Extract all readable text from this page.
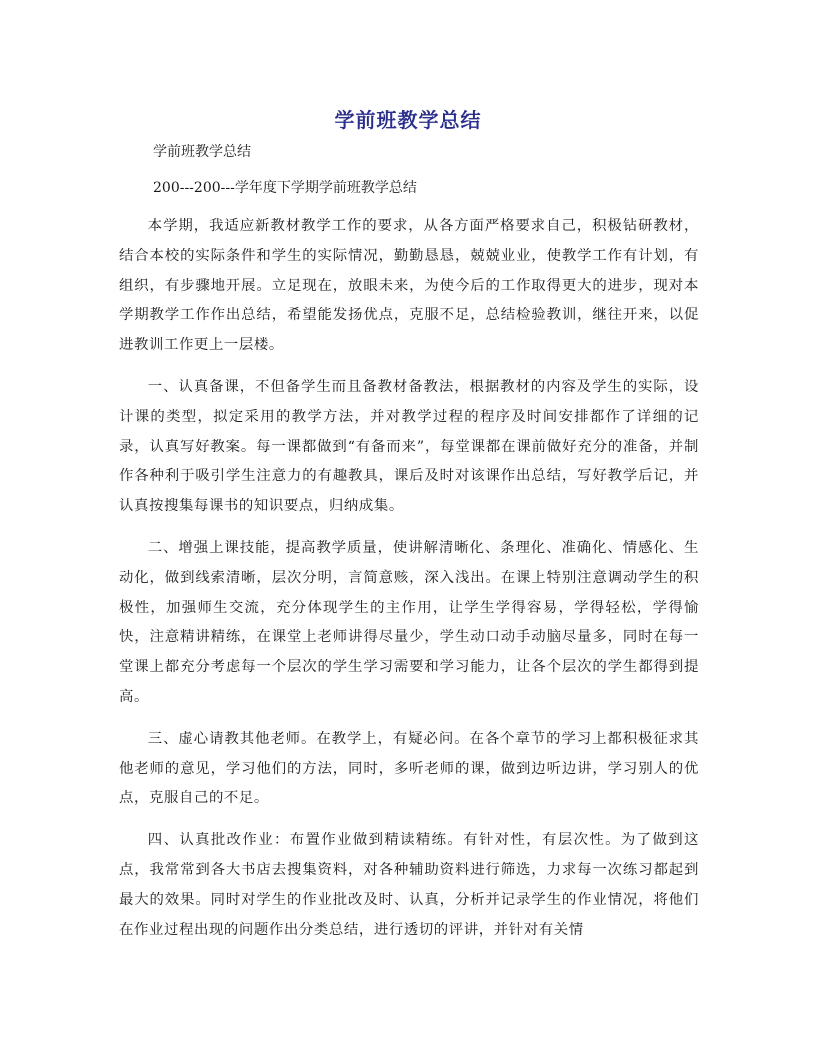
学前班教学总结

学前班教学总结

200---200---学年度下学期学前班教学总结

本学期，我适应新教材教学工作的要求，从各方面严格要求自己，积极钻研教材，结合本校的实际条件和学生的实际情况，勤勤恳恳，兢兢业业，使教学工作有计划，有组织，有步骤地开展。立足现在，放眼未来，为使今后的工作取得更大的进步，现对本学期教学工作作出总结，希望能发扬优点，克服不足，总结检验教训，继往开来，以促进教训工作更上一层楼。

一、认真备课，不但备学生而且备教材备教法，根据教材的内容及学生的实际，设计课的类型，拟定采用的教学方法，并对教学过程的程序及时间安排都作了详细的记录，认真写好教案。每一课都做到“有备而来”，每堂课都在课前做好充分的准备，并制作各种利于吸引学生注意力的有趣教具，课后及时对该课作出总结，写好教学后记，并认真按搜集每课书的知识要点，归纳成集。

二、增强上课技能，提高教学质量，使讲解清晰化、条理化、准确化、情感化、生动化，做到线索清晰，层次分明，言简意赅，深入浅出。在课上特别注意调动学生的积极性，加强师生交流，充分体现学生的主作用，让学生学得容易，学得轻松，学得愉快，注意精讲精练，在课堂上老师讲得尽量少，学生动口动手动脑尽量多，同时在每一堂课上都充分考虑每一个层次的学生学习需要和学习能力，让各个层次的学生都得到提高。

三、虚心请教其他老师。在教学上，有疑必问。在各个章节的学习上都积极征求其他老师的意见，学习他们的方法，同时，多听老师的课，做到边听边讲，学习别人的优点，克服自己的不足。

四、认真批改作业：布置作业做到精读精练。有针对性，有层次性。为了做到这点，我常常到各大书店去搜集资料，对各种辅助资料进行筛选，力求每一次练习都起到最大的效果。同时对学生的作业批改及时、认真，分析并记录学生的作业情况，将他们在作业过程出现的问题作出分类总结，进行透切的评讲，并针对有关情
